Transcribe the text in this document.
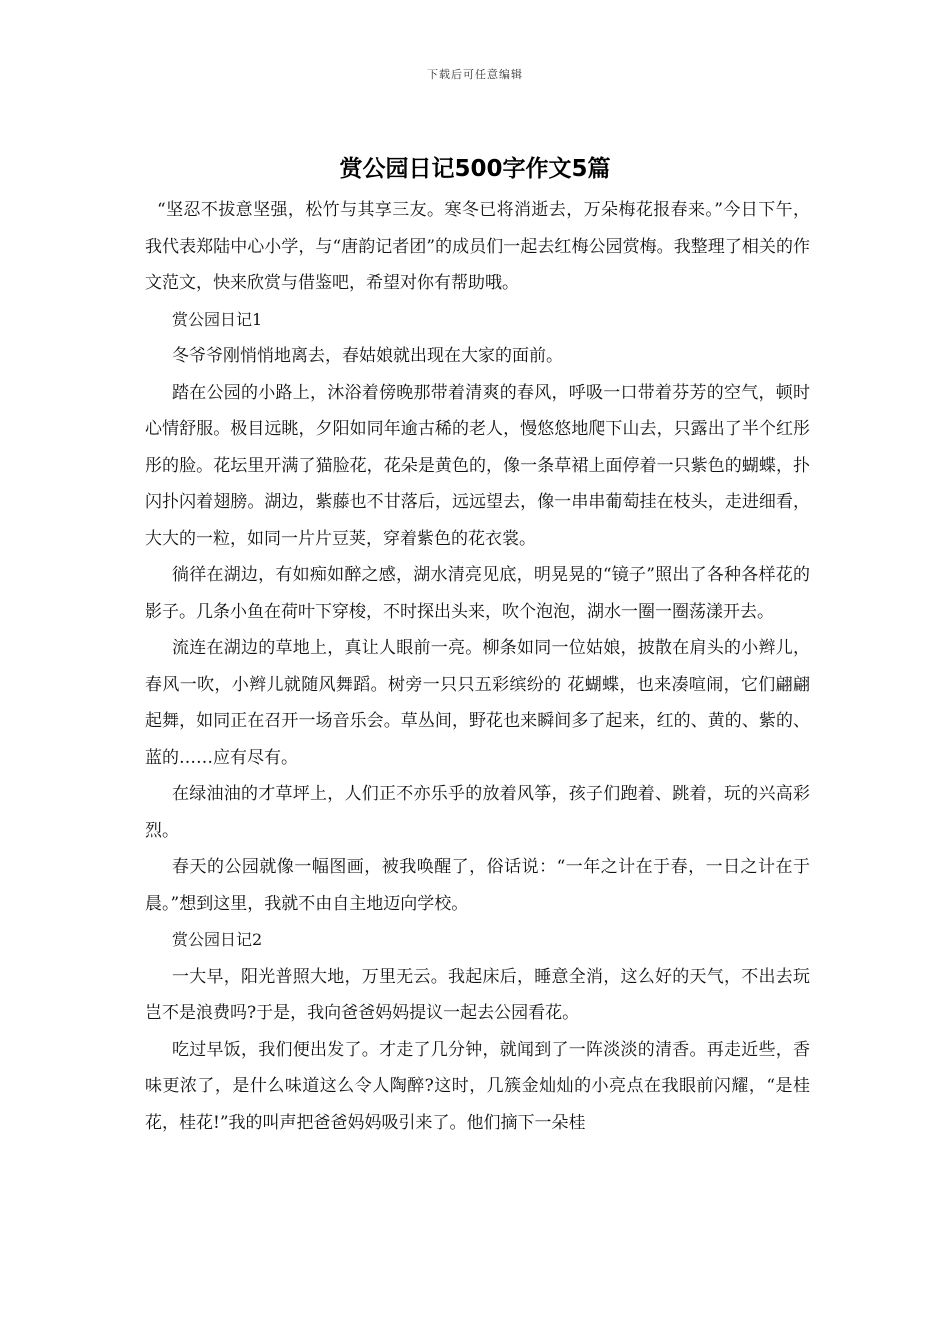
下载后可任意编辑
赏公园日记500字作文5篇

“坚忍不拔意坚强，松竹与其享三友。寒冬已将消逝去，万朵梅花报春来。”今日下午，我代表郑陆中心小学，与“唐韵记者团”的成员们一起去红梅公园赏梅。我整理了相关的作文范文，快来欣赏与借鉴吧，希望对你有帮助哦。

赏公园日记1

冬爷爷刚悄悄地离去，春姑娘就出现在大家的面前。

踏在公园的小路上，沐浴着傍晚那带着清爽的春风，呼吸一口带着芬芳的空气，顿时心情舒服。极目远眺，夕阳如同年逾古稀的老人，慢悠悠地爬下山去，只露出了半个红彤彤的脸。花坛里开满了猫脸花，花朵是黄色的，像一条草裙上面停着一只紫色的蝴蝶，扑闪扑闪着翅膀。湖边，紫藤也不甘落后，远远望去，像一串串葡萄挂在枝头，走进细看，大大的一粒，如同一片片豆荚，穿着紫色的花衣裳。

徜徉在湖边，有如痴如醉之感，湖水清亮见底，明晃晃的“镜子”照出了各种各样花的影子。几条小鱼在荷叶下穿梭，不时探出头来，吹个泡泡，湖水一圈一圈荡漾开去。

流连在湖边的草地上，真让人眼前一亮。柳条如同一位姑娘，披散在肩头的小辫儿，春风一吹，小辫儿就随风舞蹈。树旁一只只五彩缤纷的 花蝴蝶，也来凑喧闹，它们翩翩起舞，如同正在召开一场音乐会。草丛间，野花也来瞬间多了起来，红的、黄的、紫的、蓝的……应有尽有。

在绿油油的才草坪上，人们正不亦乐乎的放着风筝，孩子们跑着、跳着，玩的兴高彩烈。

春天的公园就像一幅图画，被我唤醒了，俗话说：“一年之计在于春，一日之计在于晨。”想到这里，我就不由自主地迈向学校。

赏公园日记2

一大早，阳光普照大地，万里无云。我起床后，睡意全消，这么好的天气，不出去玩岂不是浪费吗?于是，我向爸爸妈妈提议一起去公园看花。

吃过早饭，我们便出发了。才走了几分钟，就闻到了一阵淡淡的清香。再走近些，香味更浓了，是什么味道这么令人陶醉?这时，几簇金灿灿的小亮点在我眼前闪耀，“是桂花，桂花!”我的叫声把爸爸妈妈吸引来了。他们摘下一朵桂
